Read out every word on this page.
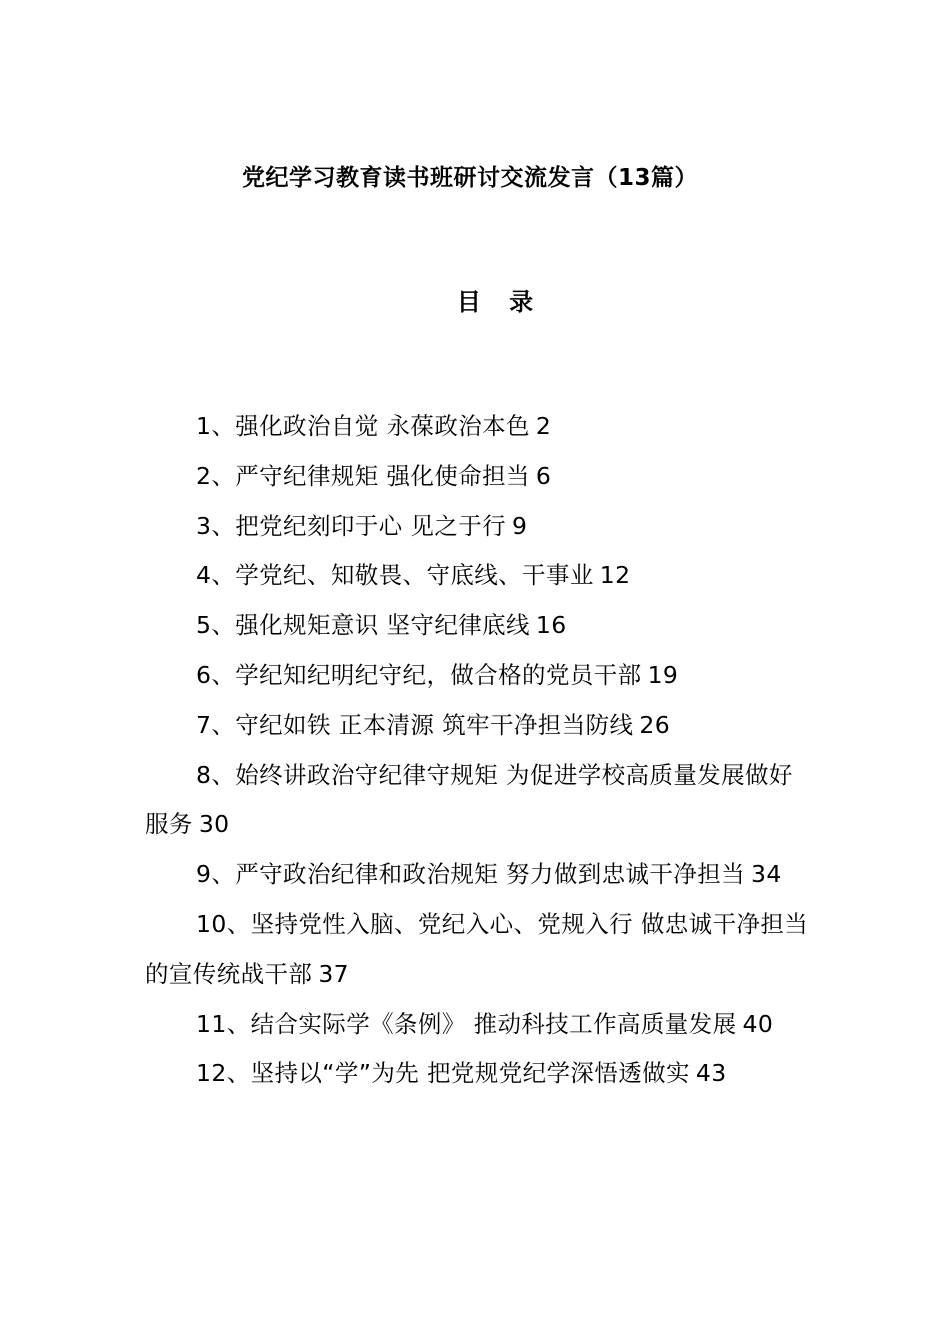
党纪学习教育读书班研讨交流发言（13篇）
目 录
1、强化政治自觉 永葆政治本色 2
2、严守纪律规矩 强化使命担当 6
3、把党纪刻印于心 见之于行 9
4、学党纪、知敬畏、守底线、干事业 12
5、强化规矩意识 坚守纪律底线 16
6、学纪知纪明纪守纪，做合格的党员干部 19
7、守纪如铁 正本清源 筑牢干净担当防线 26
8、始终讲政治守纪律守规矩 为促进学校高质量发展做好服务 30
9、严守政治纪律和政治规矩 努力做到忠诚干净担当 34
10、坚持党性入脑、党纪入心、党规入行 做忠诚干净担当的宣传统战干部 37
11、结合实际学《条例》 推动科技工作高质量发展 40
12、坚持以“学”为先 把党规党纪学深悟透做实 43
